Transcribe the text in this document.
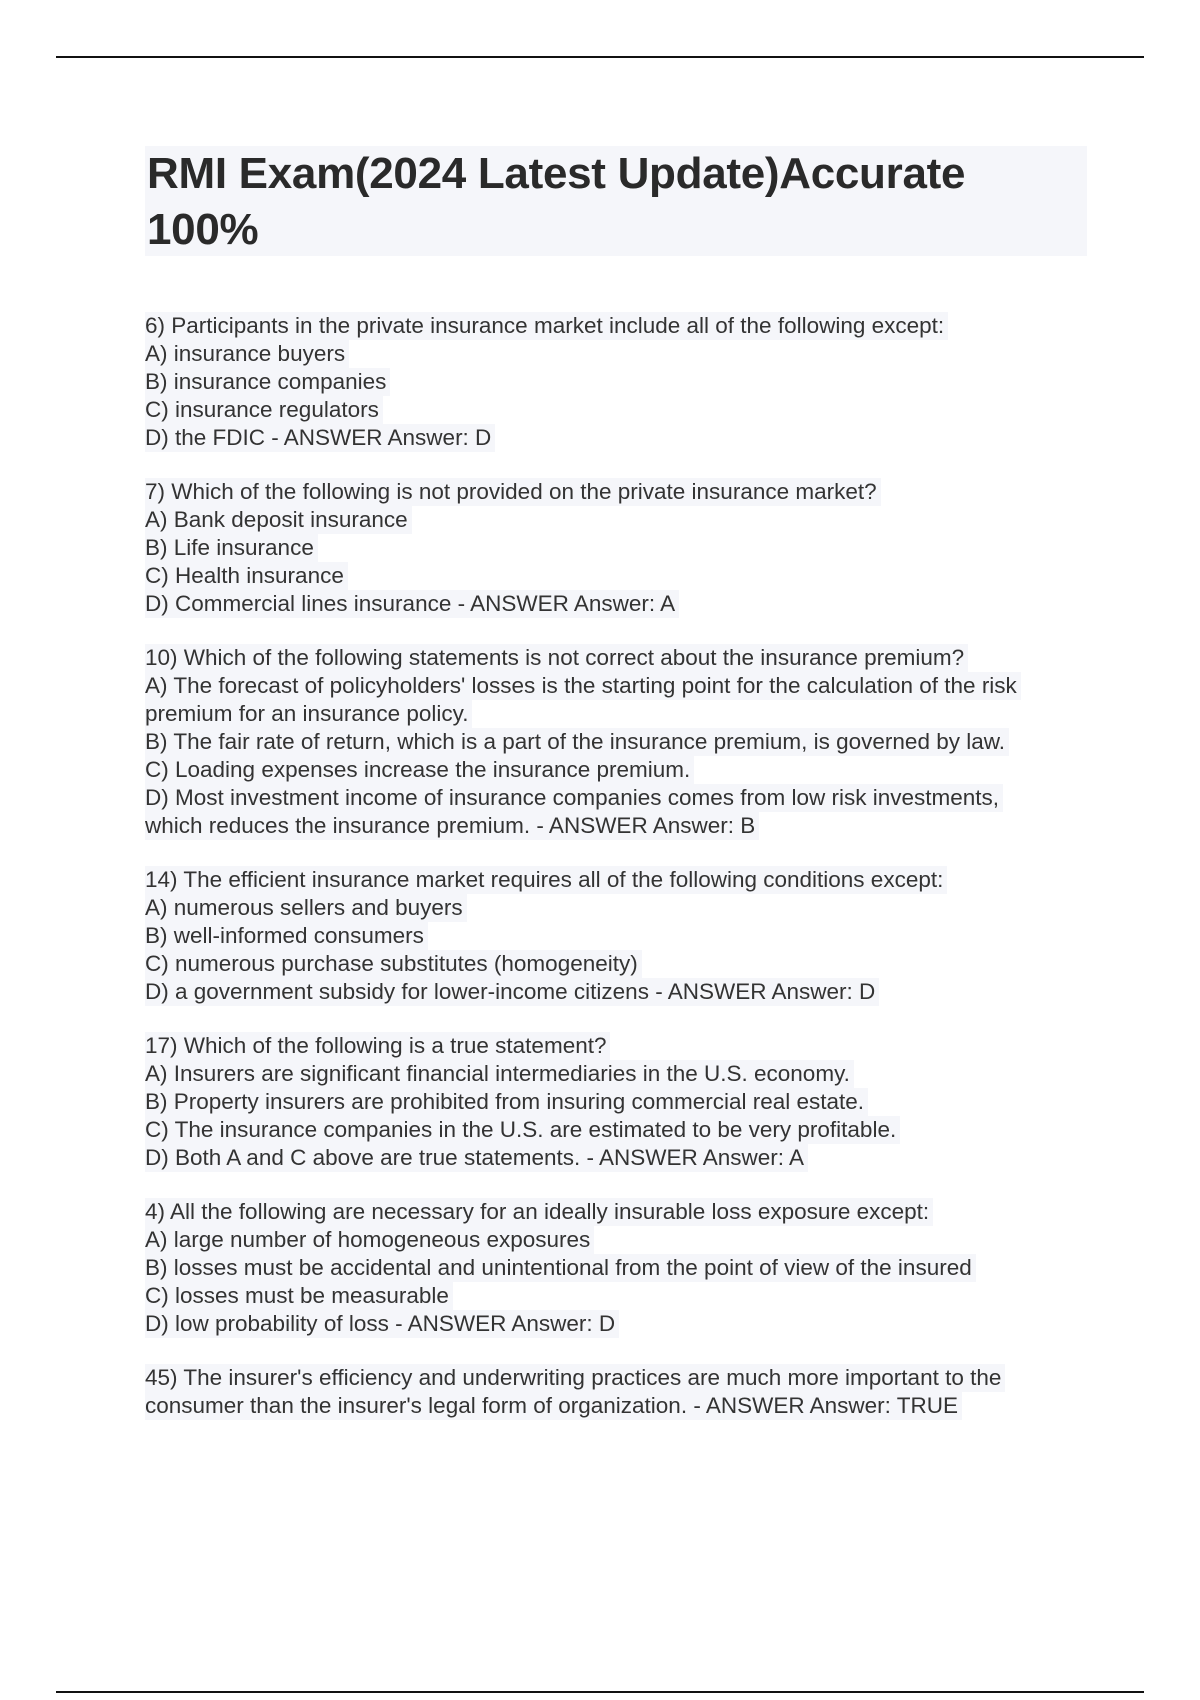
RMI Exam(2024 Latest Update)Accurate
100%
6) Participants in the private insurance market include all of the following except:
A) insurance buyers
B) insurance companies
C) insurance regulators
D) the FDIC - ANSWER Answer: D
7) Which of the following is not provided on the private insurance market?
A) Bank deposit insurance
B) Life insurance
C) Health insurance
D) Commercial lines insurance - ANSWER Answer: A
10) Which of the following statements is not correct about the insurance premium?
A) The forecast of policyholders' losses is the starting point for the calculation of the risk
premium for an insurance policy.
B) The fair rate of return, which is a part of the insurance premium, is governed by law.
C) Loading expenses increase the insurance premium.
D) Most investment income of insurance companies comes from low risk investments,
which reduces the insurance premium. - ANSWER Answer: B
14) The efficient insurance market requires all of the following conditions except:
A) numerous sellers and buyers
B) well-informed consumers
C) numerous purchase substitutes (homogeneity)
D) a government subsidy for lower-income citizens - ANSWER Answer: D
17) Which of the following is a true statement?
A) Insurers are significant financial intermediaries in the U.S. economy.
B) Property insurers are prohibited from insuring commercial real estate.
C) The insurance companies in the U.S. are estimated to be very profitable.
D) Both A and C above are true statements. - ANSWER Answer: A
4) All the following are necessary for an ideally insurable loss exposure except:
A) large number of homogeneous exposures
B) losses must be accidental and unintentional from the point of view of the insured
C) losses must be measurable
D) low probability of loss - ANSWER Answer: D
45) The insurer's efficiency and underwriting practices are much more important to the
consumer than the insurer's legal form of organization. - ANSWER Answer: TRUE
